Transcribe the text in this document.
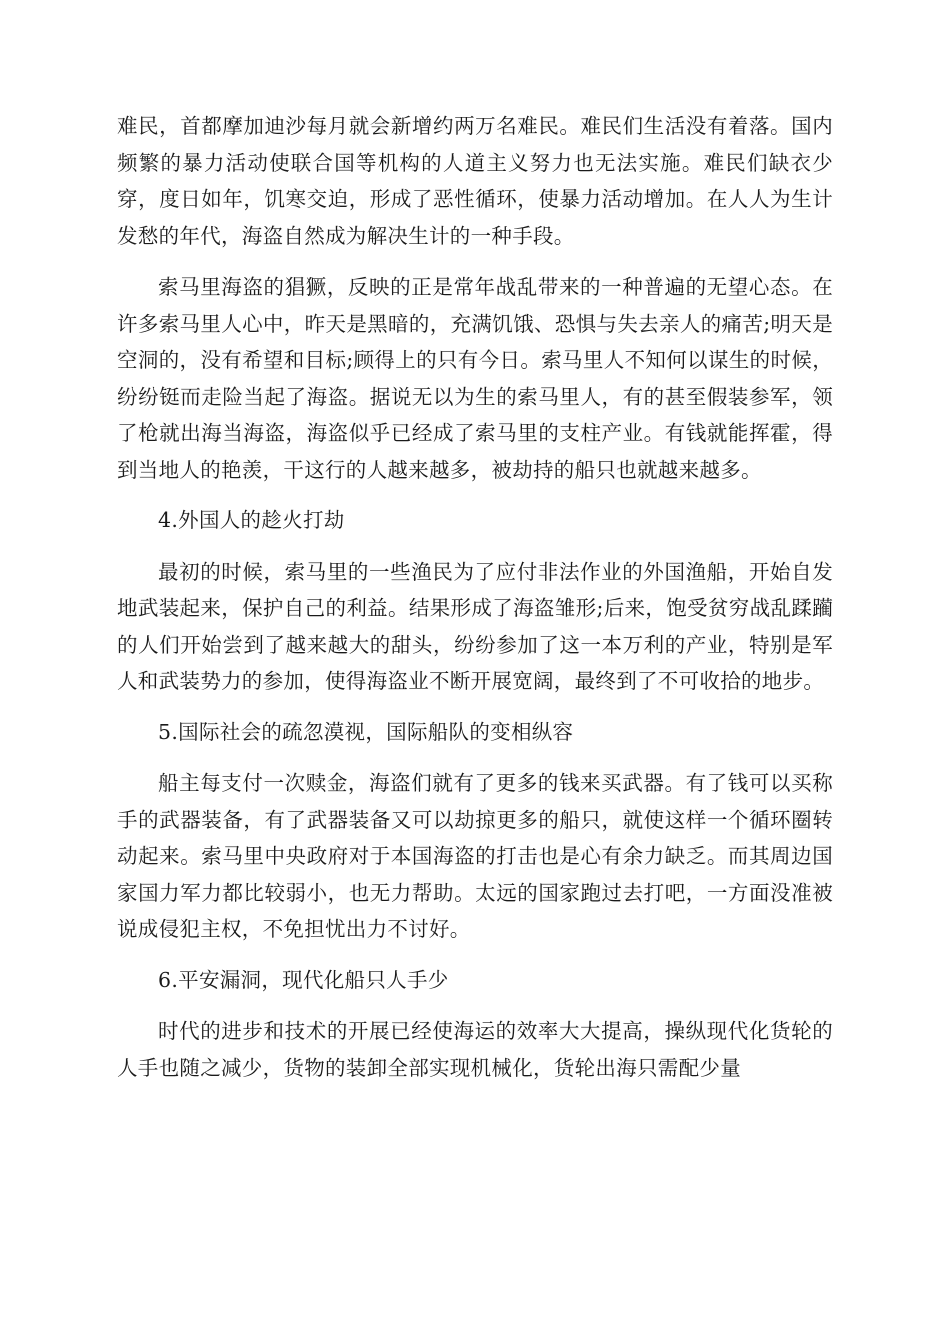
难民，首都摩加迪沙每月就会新增约两万名难民。难民们生活没有着落。国内频繁的暴力活动使联合国等机构的人道主义努力也无法实施。难民们缺衣少穿，度日如年，饥寒交迫，形成了恶性循环，使暴力活动增加。在人人为生计发愁的年代，海盗自然成为解决生计的一种手段。

索马里海盗的猖獗，反映的正是常年战乱带来的一种普遍的无望心态。在许多索马里人心中，昨天是黑暗的，充满饥饿、恐惧与失去亲人的痛苦;明天是空洞的，没有希望和目标;顾得上的只有今日。索马里人不知何以谋生的时候，纷纷铤而走险当起了海盗。据说无以为生的索马里人，有的甚至假装参军，领了枪就出海当海盗，海盗似乎已经成了索马里的支柱产业。有钱就能挥霍，得到当地人的艳羡，干这行的人越来越多，被劫持的船只也就越来越多。

4.外国人的趁火打劫

最初的时候，索马里的一些渔民为了应付非法作业的外国渔船，开始自发地武装起来，保护自己的利益。结果形成了海盗雏形;后来，饱受贫穷战乱蹂躏的人们开始尝到了越来越大的甜头，纷纷参加了这一本万利的产业，特别是军人和武装势力的参加，使得海盗业不断开展宽阔，最终到了不可收拾的地步。

5.国际社会的疏忽漠视，国际船队的变相纵容

船主每支付一次赎金，海盗们就有了更多的钱来买武器。有了钱可以买称手的武器装备，有了武器装备又可以劫掠更多的船只，就使这样一个循环圈转动起来。索马里中央政府对于本国海盗的打击也是心有余力缺乏。而其周边国家国力军力都比较弱小，也无力帮助。太远的国家跑过去打吧，一方面没准被说成侵犯主权，不免担忧出力不讨好。

6.平安漏洞，现代化船只人手少

时代的进步和技术的开展已经使海运的效率大大提高，操纵现代化货轮的人手也随之减少，货物的装卸全部实现机械化，货轮出海只需配少量
